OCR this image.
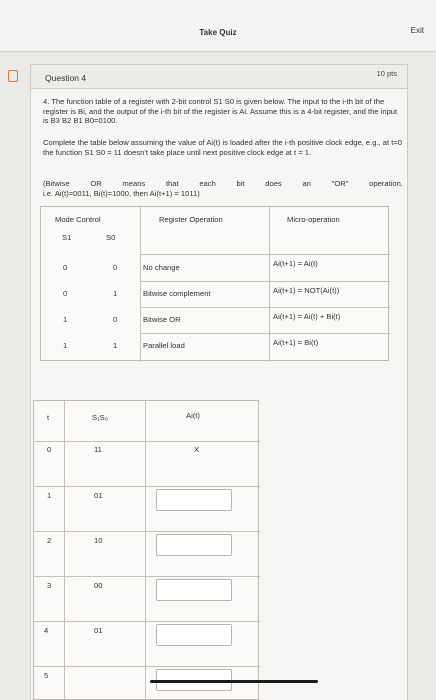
Take Quiz	Exit
Question 4	10 pts
4. The function table of a register with 2-bit control S1 S0 is given below. The input to the i-th bit of the register is Bi, and the output of the i-th bit of the register is Ai. Assume this is a 4-bit register, and the input is B3 B2 B1 B0=0100.
Complete the table below assuming the value of Ai(t) is loaded after the i-th positive clock edge, e.g., at t=0 the function S1 S0 = 11 doesn't take place until next positive clock edge at t = 1.
(Bitwise	OR	means	that	each	bit	does	an	"OR"	operation.
i.e. Ai(t)=0011, Bi(t)=1000, then Ai(t+1) = 1011)
Mode Control
S1	S0
Register Operation	Micro-operation
0	0	No change	Ai(t+1) = Ai(t)
0	1	Bitwise complement	Ai(t+1) = NOT(Ai(t))
1	0	Bitwise OR	Ai(t+1) = Ai(t) + Bi(t)
1	1	Parallel load	Ai(t+1) = Bi(t)
t	S₁S₀	Ai(t)
0	11	X
1	01
2	10
3	00
4	01
5
